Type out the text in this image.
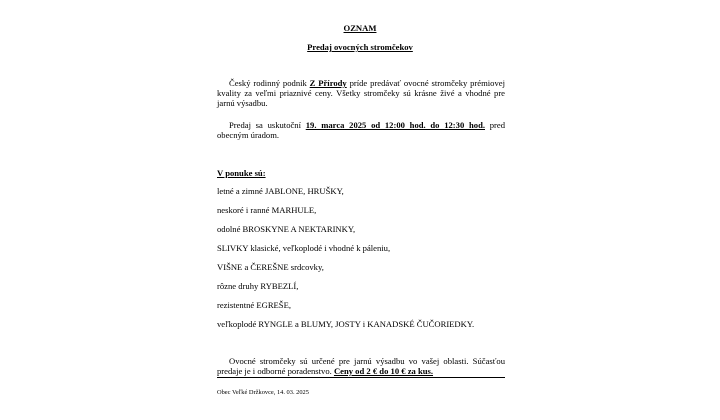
OZNAM
Predaj ovocných stromčekov
Český rodinný podnik Z Přírody príde predávať ovocné stromčeky prémiovej kvality za veľmi priaznivé ceny. Všetky stromčeky sú krásne živé a vhodné pre jarnú výsadbu.
Predaj sa uskutoční 19. marca 2025 od 12:00 hod. do 12:30 hod. pred obecným úradom.
V ponuke sú:
letné a zimné JABLONE, HRUŠKY,
neskoré i ranné MARHULE,
odolné BROSKYNE A NEKTARINKY,
SLIVKY klasické, veľkoplodé i vhodné k páleniu,
VIŠNE a ČEREŠNE srdcovky,
rôzne druhy RYBEZLÍ,
rezistentné EGREŠE,
veľkoplodé RYNGLE a BLUMY, JOSTY i KANADSKÉ ČUČORIEDKY.
Ovocné stromčeky sú určené pre jarnú výsadbu vo vašej oblasti. Súčasťou predaje je i odborné poradenstvo. Ceny od 2 € do 10 € za kus.
Obec Veľké Držkovce, 14. 03. 2025
